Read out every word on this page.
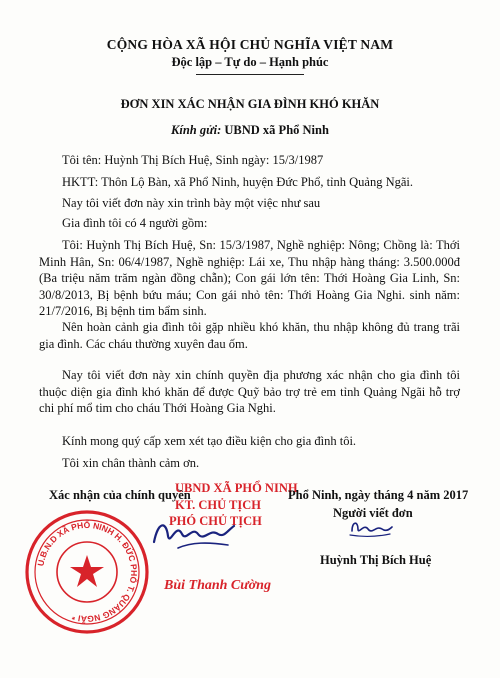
CỘNG HÒA XÃ HỘI CHỦ NGHĨA VIỆT NAM
Độc lập – Tự do – Hạnh phúc
ĐƠN XIN XÁC NHẬN GIA ĐÌNH KHÓ KHĂN
Kính gửi: UBND xã Phổ Ninh
Tôi tên: Huỳnh Thị Bích Huệ, Sinh ngày: 15/3/1987
HKTT: Thôn Lộ Bàn, xã Phổ Ninh, huyện Đức Phổ, tỉnh Quảng Ngãi.
Nay tôi viết đơn này xin trình bày một việc như sau
Gia đình tôi có 4 người gồm:
Tôi: Huỳnh Thị Bích Huệ, Sn: 15/3/1987, Nghề nghiệp: Nông; Chồng là: Thới Minh Hân, Sn: 06/4/1987, Nghề nghiệp: Lái xe, Thu nhập hàng tháng: 3.500.000đ (Ba triệu năm trăm ngàn đồng chẵn); Con gái lớn tên: Thới Hoàng Gia Linh, Sn: 30/8/2013, Bị bệnh bứu máu; Con gái nhỏ tên: Thới Hoàng Gia Nghi. sinh năm: 21/7/2016, Bị bệnh tim bẩm sinh.
Nên hoàn cảnh gia đình tôi gặp nhiều khó khăn, thu nhập không đủ trang trãi gia đình. Các cháu thường xuyên đau ốm.
Nay tôi viết đơn này xin chính quyền địa phương xác nhận cho gia đình tôi thuộc diện gia đình khó khăn để được Quỹ bảo trợ trẻ em tỉnh Quảng Ngãi hỗ trợ chi phí mổ tim cho cháu Thới Hoàng Gia Nghi.
Kính mong quý cấp xem xét tạo điều kiện cho gia đình tôi.
Tôi xin chân thành cảm ơn.
U.B.N.D XÃ PHỔ NINH H. ĐỨC PHỔ T. QUẢNG NGÃI *
Xác nhận của chính quyền
UBND XÃ PHỔ NINH
KT. CHỦ TỊCH
PHÓ CHỦ TỊCH
Bùi Thanh Cường
Phổ Ninh, ngày tháng 4 năm 2017
Người viết đơn
Huỳnh Thị Bích Huệ
